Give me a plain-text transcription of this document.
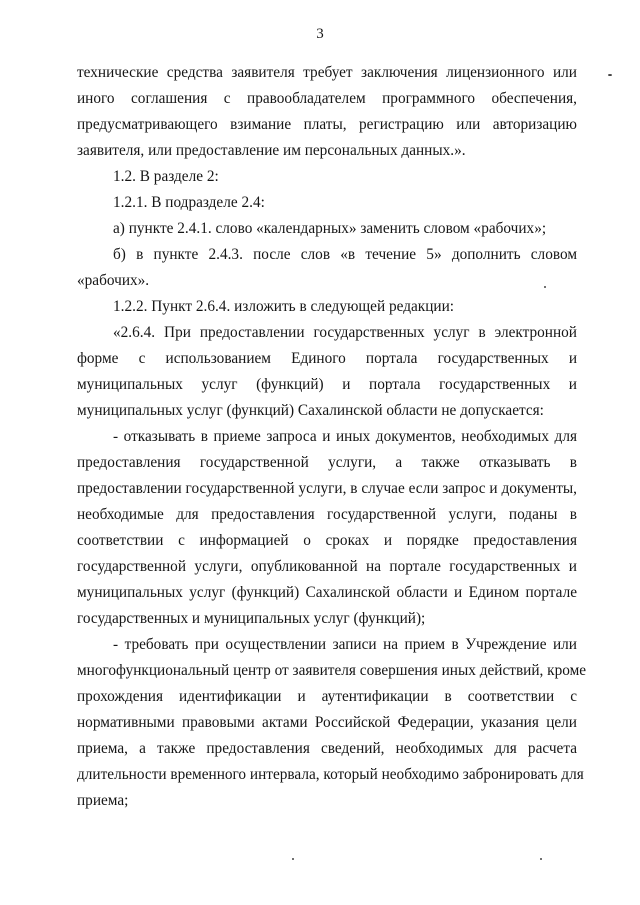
3
технические средства заявителя требует заключения лицензионного или
иного соглашения с правообладателем программного обеспечения,
предусматривающего взимание платы, регистрацию или авторизацию
заявителя, или предоставление им персональных данных.».
1.2. В разделе 2:
1.2.1. В подразделе 2.4:
а) пункте 2.4.1. слово «календарных» заменить словом «рабочих»;
б) в пункте 2.4.3. после слов «в течение 5» дополнить словом
«рабочих».
1.2.2. Пункт 2.6.4. изложить в следующей редакции:
«2.6.4. При предоставлении государственных услуг в электронной
форме с использованием Единого портала государственных и
муниципальных услуг (функций) и портала государственных и
муниципальных услуг (функций) Сахалинской области не допускается:
- отказывать в приеме запроса и иных документов, необходимых для
предоставления государственной услуги, а также отказывать в
предоставлении государственной услуги, в случае если запрос и документы,
необходимые для предоставления государственной услуги, поданы в
соответствии с информацией о сроках и порядке предоставления
государственной услуги, опубликованной на портале государственных и
муниципальных услуг (функций) Сахалинской области и Едином портале
государственных и муниципальных услуг (функций);
- требовать при осуществлении записи на прием в Учреждение или
многофункциональный центр от заявителя совершения иных действий, кроме
прохождения идентификации и аутентификации в соответствии с
нормативными правовыми актами Российской Федерации, указания цели
приема, а также предоставления сведений, необходимых для расчета
длительности временного интервала, который необходимо забронировать для
приема;
